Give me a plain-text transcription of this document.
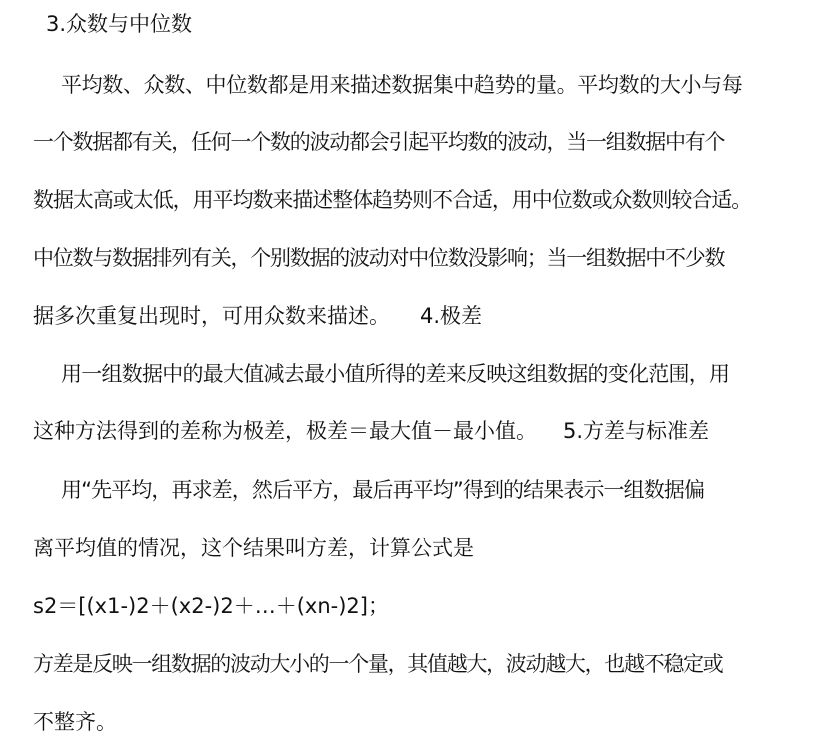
3.众数与中位数
平均数、众数、中位数都是用来描述数据集中趋势的量。平均数的大小与每
一个数据都有关，任何一个数的波动都会引起平均数的波动，当一组数据中有个
数据太高或太低，用平均数来描述整体趋势则不合适，用中位数或众数则较合适。
中位数与数据排列有关，个别数据的波动对中位数没影响；当一组数据中不少数
据多次重复出现时，可用众数来描述。 4.极差
用一组数据中的最大值减去最小值所得的差来反映这组数据的变化范围，用
这种方法得到的差称为极差，极差＝最大值－最小值。 5.方差与标准差
用“先平均，再求差，然后平方，最后再平均”得到的结果表示一组数据偏
离平均值的情况，这个结果叫方差，计算公式是
s2＝[(x1-)2＋(x2-)2＋…＋(xn-)2]；
方差是反映一组数据的波动大小的一个量，其值越大，波动越大，也越不稳定或
不整齐。
